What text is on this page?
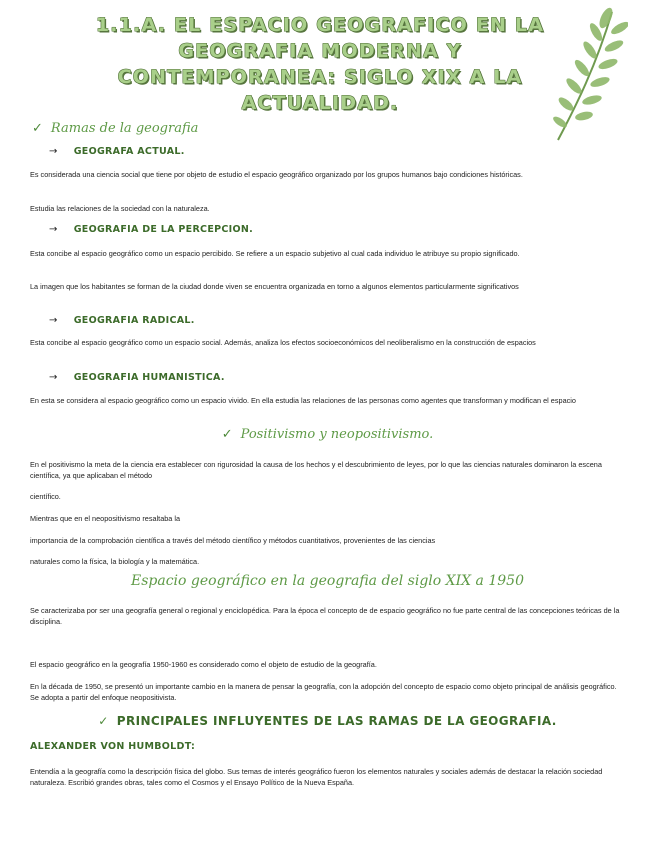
1.1.A. EL ESPACIO GEOGRAFICO EN LA GEOGRAFIA MODERNA Y CONTEMPORANEA: SIGLO XIX A LA ACTUALIDAD.
✓ Ramas de la geografia
→ GEOGRAFA ACTUAL.
Es considerada una ciencia social que tiene por objeto de estudio el espacio geográfico organizado por los grupos humanos bajo condiciones históricas.
Estudia las relaciones de la sociedad con la naturaleza.
→ GEOGRAFIA DE LA PERCEPCION.
Esta concibe al espacio geográfico como un espacio percibido. Se refiere a un espacio subjetivo al cual cada individuo le atribuye su propio significado.
La imagen que los habitantes se forman de la ciudad donde viven se encuentra organizada en torno a algunos elementos particularmente significativos
→ GEOGRAFIA RADICAL.
Esta concibe al espacio geográfico como un espacio social. Además, analiza los efectos socioeconómicos del neoliberalismo en la construcción de espacios
→ GEOGRAFIA HUMANISTICA.
En esta se considera al espacio geográfico como un espacio vivido. En ella estudia las relaciones de las personas como agentes que transforman y modifican el espacio
✓ Positivismo y neopositivismo.
En el positivismo la meta de la ciencia era establecer con rigurosidad la causa de los hechos y el descubrimiento de leyes, por lo que las ciencias naturales dominaron la escena científica, ya que aplicaban el método
científico.
Mientras que en el neopositivismo resaltaba la
importancia de la comprobación científica a través del método científico y métodos cuantitativos, provenientes de las ciencias
naturales como la física, la biología y la matemática.
Espacio geográfico en la geografia del siglo XIX a 1950
Se caracterizaba por ser una geografía general o regional y enciclopédica. Para la época el concepto de de espacio geográfico no fue parte central de las concepciones teóricas de la disciplina.
El espacio geográfico en la geografía 1950-1960 es considerado como el objeto de estudio de la geografía.
En la década de 1950, se presentó un importante cambio en la manera de pensar la geografía, con la adopción del concepto de espacio como objeto principal de análisis geográfico. Se adopta a partir del enfoque neopositivista.
✓ PRINCIPALES INFLUYENTES DE LAS RAMAS DE LA GEOGRAFIA.
ALEXANDER VON HUMBOLDT:
Entendía a la geografía como la descripción física del globo. Sus temas de interés geográfico fueron los elementos naturales y sociales además de destacar la relación sociedad naturaleza. Escribió grandes obras, tales como el Cosmos y el Ensayo Político de la Nueva España.
